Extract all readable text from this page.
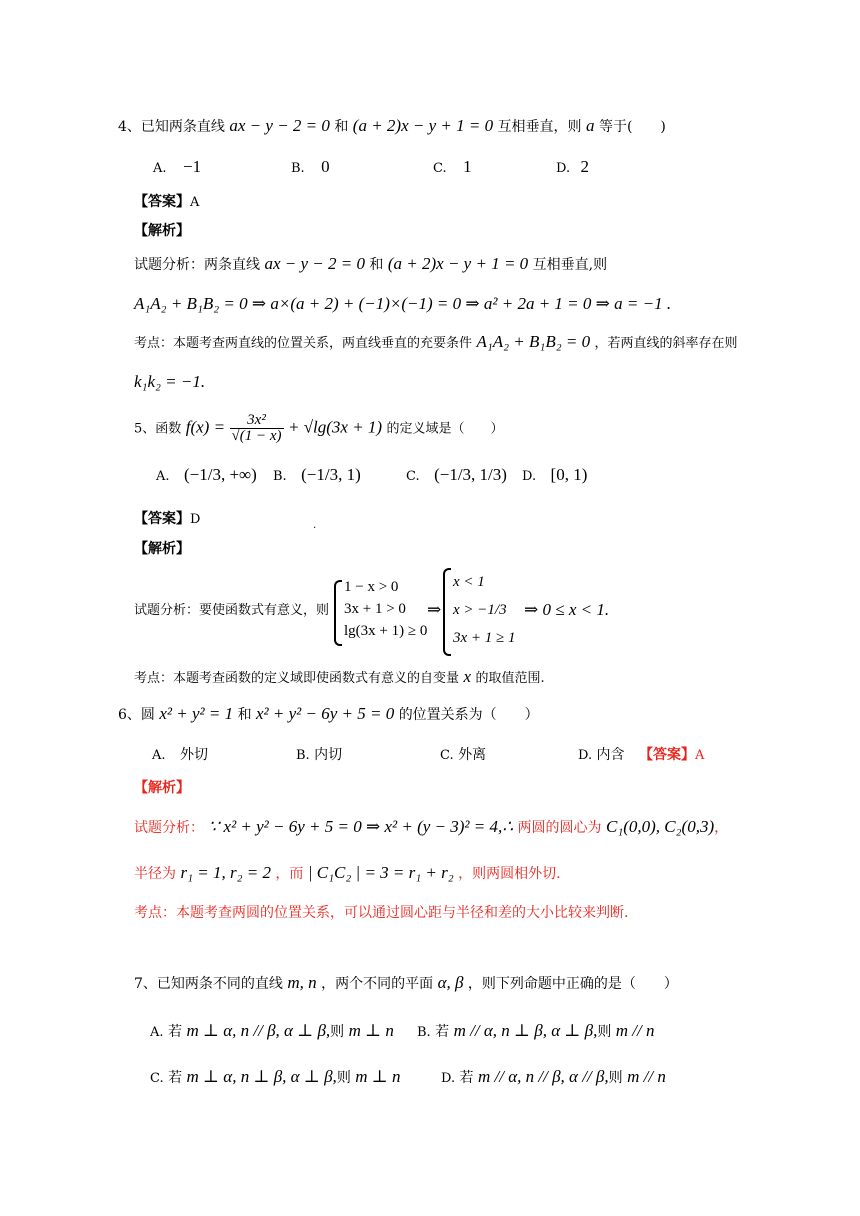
4、已知两条直线 ax − y − 2 = 0 和 (a + 2)x − y + 1 = 0 互相垂直，则 a 等于(　　)
A. −1	B. 0	C. 1	D. 2
【答案】A
【解析】
试题分析：两条直线 ax − y − 2 = 0 和 (a + 2)x − y + 1 = 0 互相垂直,则
A₁A₂ + B₁B₂ = 0 ⇒ a×(a + 2) + (−1)×(−1) = 0 ⇒ a² + 2a + 1 = 0 ⇒ a = −1 .
考点：本题考查两直线的位置关系，两直线垂直的充要条件 A₁A₂ + B₁B₂ = 0 ，若两直线的斜率存在则
k₁k₂ = −1.
5、函数 $f(x) = \frac{\text{3x²}}{√(1 - x)} + √\lg(3x + 1)$ 的定义域是（　　）
A. (−1/3, +∞) B. (−1/3, 1)	C. (−1/3, 1/3) D. [0, 1)
【答案】D	.
【解析】
试题分析：要使函数式有意义，则
1 − x > 0
3x + 1 > 0
lg(3x + 1) ≥ 0
⇒
x < 1
x > −1/3
3x + 1 ≥ 1
⇒ 0 ≤ x < 1.
考点：本题考查函数的定义域即使函数式有意义的自变量 x 的取值范围.
6、圆 x² + y² = 1 和 x² + y² − 6y + 5 = 0 的位置关系为（　　）
A. 外切	B. 内切	C. 外离	D. 内含 【答案】A
【解析】
试题分析： ∵ x² + y² − 6y + 5 = 0 ⇒ x² + (y − 3)² = 4,∴ 两圆的圆心为 C₁(0,0), C₂(0,3)，
半径为 r₁ = 1, r₂ = 2 ，而 | C₁C₂ | = 3 = r₁ + r₂ ，则两圆相外切.
考点：本题考查两圆的位置关系，可以通过圆心距与半径和差的大小比较来判断.
7、已知两条不同的直线 m, n ，两个不同的平面 α, β ，则下列命题中正确的是（　　）
A. 若 m ⊥ α, n // β, α ⊥ β,则 m ⊥ n B. 若 m // α, n ⊥ β, α ⊥ β,则 m // n
C. 若 m ⊥ α, n ⊥ β, α ⊥ β,则 m ⊥ n	D. 若 m // α, n // β, α // β,则 m // n
